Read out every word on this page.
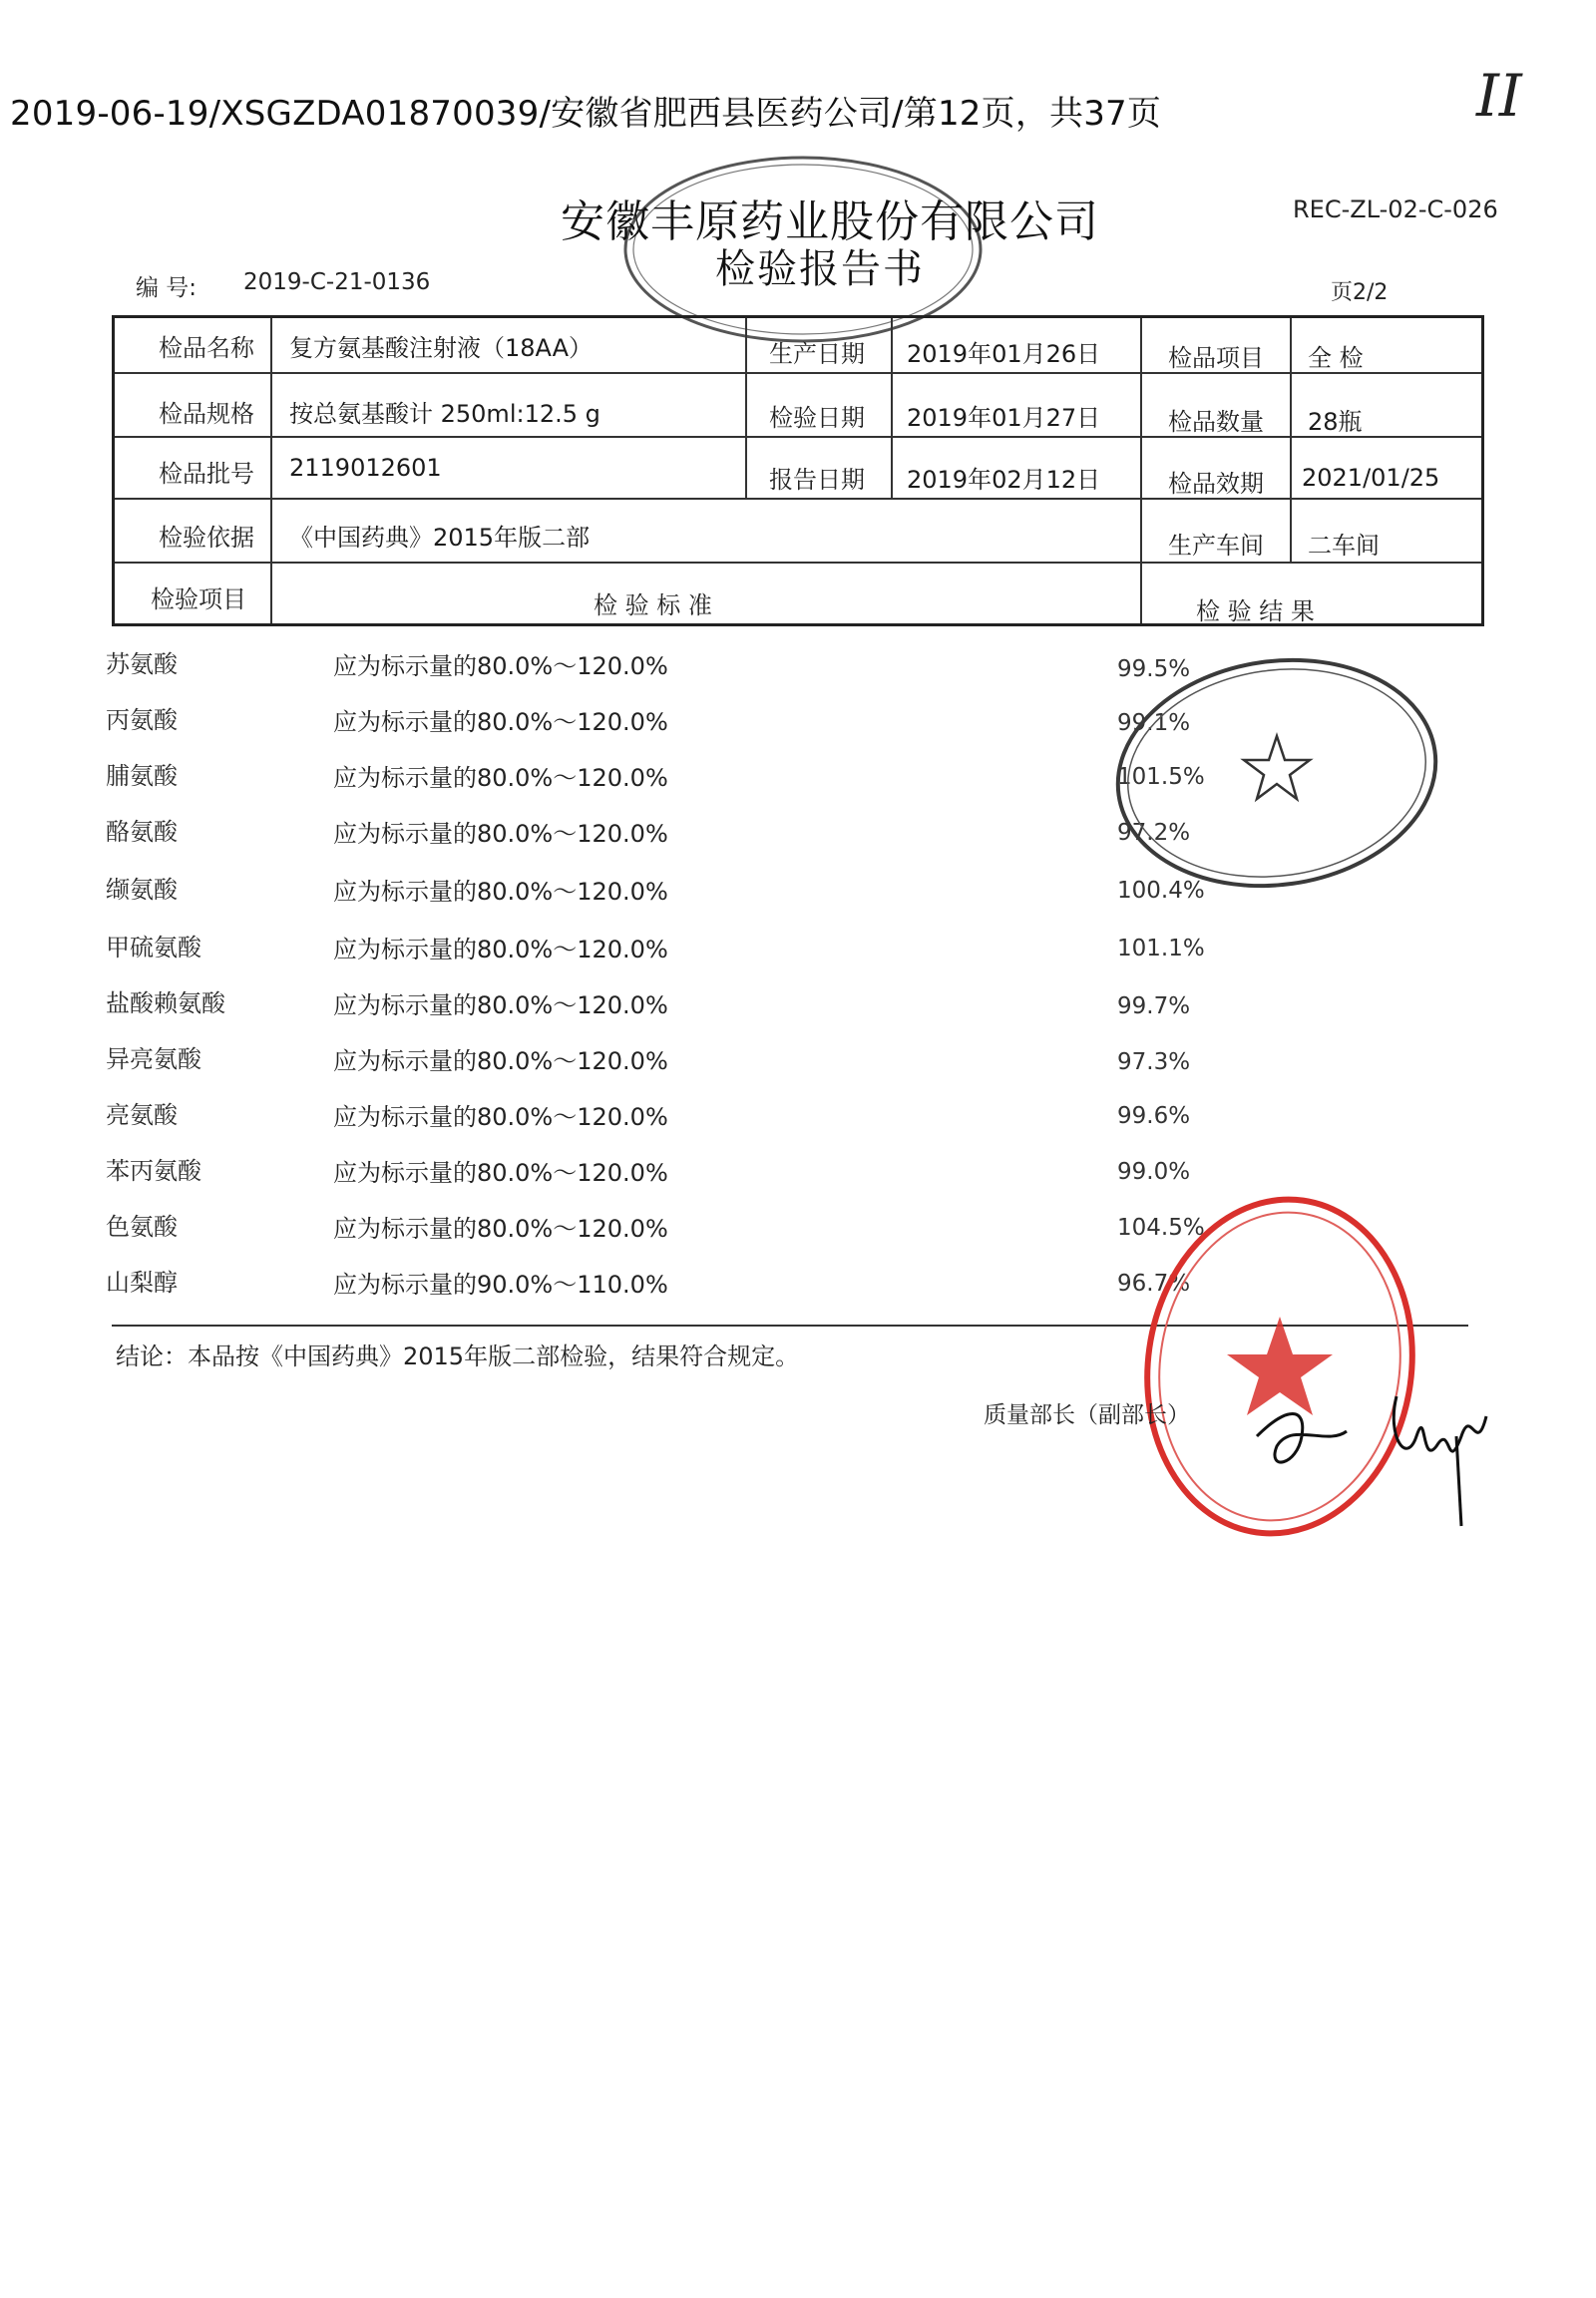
2019-06-19/XSGZDA01870039/安徽省肥西县医药公司/第12页，共37页	II
REC-ZL-02-C-026
安徽丰原药业股份有限公司
检验报告书
编 号: 2019-C-21-0136	页2/2
检品名称 复方氨基酸注射液（18AA）	生产日期 2019年01月26日	检品项目 全 检
检品规格 按总氨基酸计 250ml:12.5 g	检验日期 2019年01月27日	检品数量 28瓶
检品批号 2119012601	报告日期 2019年02月12日	检品效期 2021/01/25
检验依据 《中国药典》2015年版二部	生产车间 二车间
检验项目	检 验 标 准	检 验 结 果
苏氨酸	应为标示量的80.0%～120.0%	99.5%
丙氨酸	应为标示量的80.0%～120.0%	99.1%
脯氨酸	应为标示量的80.0%～120.0%	101.5%
酪氨酸	应为标示量的80.0%～120.0%	97.2%
缬氨酸	应为标示量的80.0%～120.0%	100.4%
甲硫氨酸	应为标示量的80.0%～120.0%	101.1%
盐酸赖氨酸	应为标示量的80.0%～120.0%	99.7%
异亮氨酸	应为标示量的80.0%～120.0%	97.3%
亮氨酸	应为标示量的80.0%～120.0%	99.6%
苯丙氨酸	应为标示量的80.0%～120.0%	99.0%
色氨酸	应为标示量的80.0%～120.0%	104.5%
山梨醇	应为标示量的90.0%～110.0%	96.7%
结论：本品按《中国药典》2015年版二部检验，结果符合规定。
质量部长（副部长）
